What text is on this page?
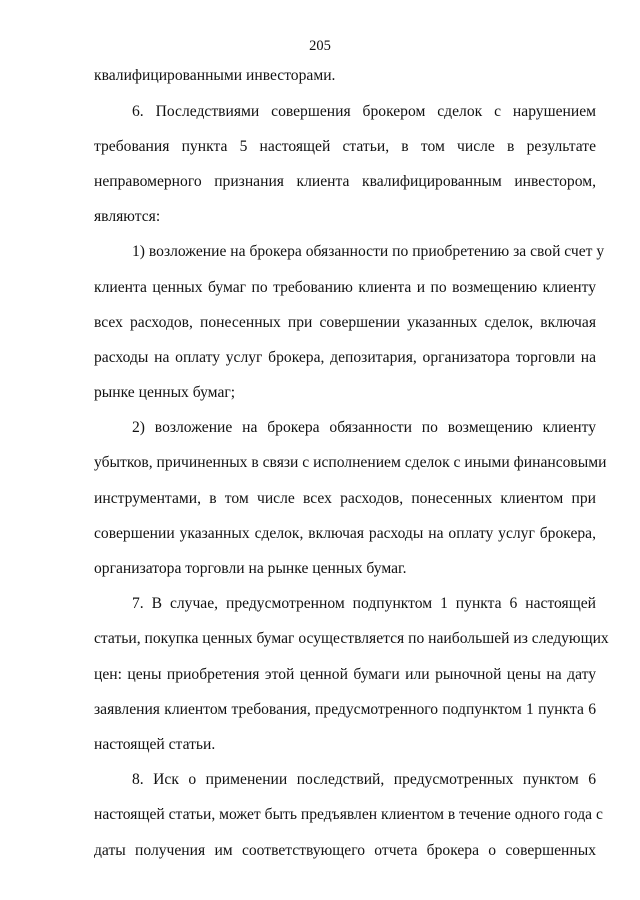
205
квалифицированными инвесторами.
6. Последствиями совершения брокером сделок с нарушением
требования пункта 5 настоящей статьи, в том числе в результате
неправомерного признания клиента квалифицированным инвестором,
являются:
1) возложение на брокера обязанности по приобретению за свой счет у
клиента ценных бумаг по требованию клиента и по возмещению клиенту
всех расходов, понесенных при совершении указанных сделок, включая
расходы на оплату услуг брокера, депозитария, организатора торговли на
рынке ценных бумаг;
2) возложение на брокера обязанности по возмещению клиенту
убытков, причиненных в связи с исполнением сделок с иными финансовыми
инструментами, в том числе всех расходов, понесенных клиентом при
совершении указанных сделок, включая расходы на оплату услуг брокера,
организатора торговли на рынке ценных бумаг.
7. В случае, предусмотренном подпунктом 1 пункта 6 настоящей
статьи, покупка ценных бумаг осуществляется по наибольшей из следующих
цен: цены приобретения этой ценной бумаги или рыночной цены на дату
заявления клиентом требования, предусмотренного подпунктом 1 пункта 6
настоящей статьи.
8. Иск о применении последствий, предусмотренных пунктом 6
настоящей статьи, может быть предъявлен клиентом в течение одного года с
даты получения им соответствующего отчета брокера о совершенных
